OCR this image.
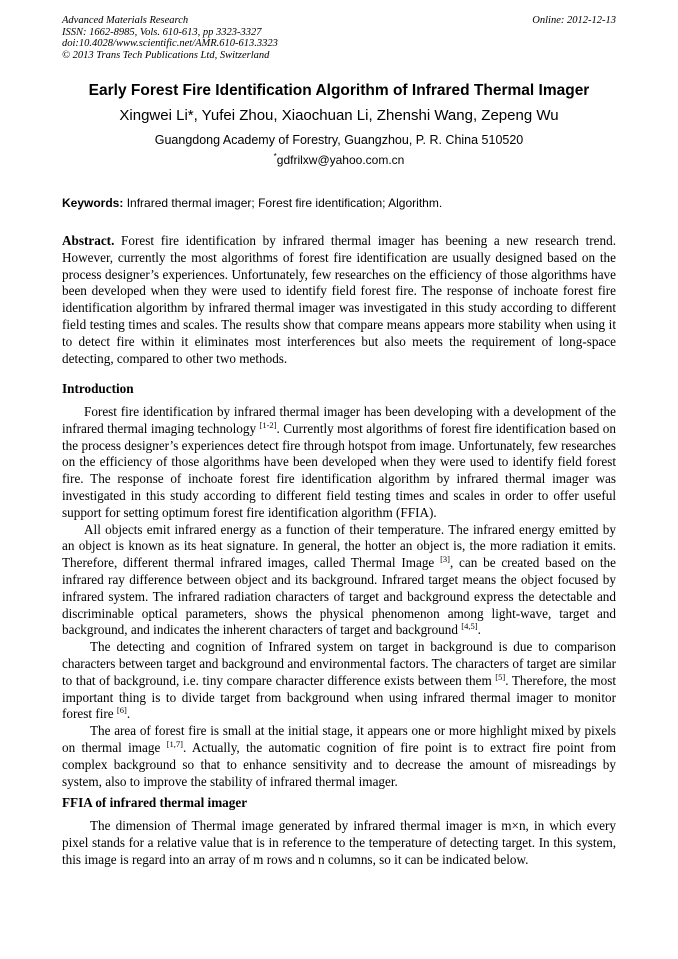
Advanced Materials Research
ISSN: 1662-8985, Vols. 610-613, pp 3323-3327
doi:10.4028/www.scientific.net/AMR.610-613.3323
© 2013 Trans Tech Publications Ltd, Switzerland
Online: 2012-12-13
Early Forest Fire Identification Algorithm of Infrared Thermal Imager
Xingwei Li*, Yufei Zhou, Xiaochuan Li, Zhenshi Wang, Zepeng Wu
Guangdong Academy of Forestry, Guangzhou, P. R. China 510520
*gdfrilxw@yahoo.com.cn
Keywords: Infrared thermal imager; Forest fire identification; Algorithm.
Abstract. Forest fire identification by infrared thermal imager has beening a new research trend. However, currently the most algorithms of forest fire identification are usually designed based on the process designer’s experiences. Unfortunately, few researches on the efficiency of those algorithms have been developed when they were used to identify field forest fire. The response of inchoate forest fire identification algorithm by infrared thermal imager was investigated in this study according to different field testing times and scales. The results show that compare means appears more stability when using it to detect fire within it eliminates most interferences but also meets the requirement of long-space detecting, compared to other two methods.
Introduction

Forest fire identification by infrared thermal imager has been developing with a development of the infrared thermal imaging technology [1-2]. Currently most algorithms of forest fire identification based on the process designer’s experiences detect fire through hotspot from image. Unfortunately, few researches on the efficiency of those algorithms have been developed when they were used to identify field forest fire. The response of inchoate forest fire identification algorithm by infrared thermal imager was investigated in this study according to different field testing times and scales in order to offer useful support for setting optimum forest fire identification algorithm (FFIA).

All objects emit infrared energy as a function of their temperature. The infrared energy emitted by an object is known as its heat signature. In general, the hotter an object is, the more radiation it emits. Therefore, different thermal infrared images, called Thermal Image [3], can be created based on the infrared ray difference between object and its background. Infrared target means the object focused by infrared system. The infrared radiation characters of target and background express the detectable and discriminable optical parameters, shows the physical phenomenon among light-wave, target and background, and indicates the inherent characters of target and background [4,5].

The detecting and cognition of Infrared system on target in background is due to comparison characters between target and background and environmental factors. The characters of target are similar to that of background, i.e. tiny compare character difference exists between them [5]. Therefore, the most important thing is to divide target from background when using infrared thermal imager to monitor forest fire [6].

The area of forest fire is small at the initial stage, it appears one or more highlight mixed by pixels on thermal image [1,7]. Actually, the automatic cognition of fire point is to extract fire point from complex background so that to enhance sensitivity and to decrease the amount of misreadings by system, also to improve the stability of infrared thermal imager.

FFIA of infrared thermal imager
The dimension of Thermal image generated by infrared thermal imager is m×n, in which every pixel stands for a relative value that is in reference to the temperature of detecting target. In this system, this image is regard into an array of m rows and n columns, so it can be indicated below.
